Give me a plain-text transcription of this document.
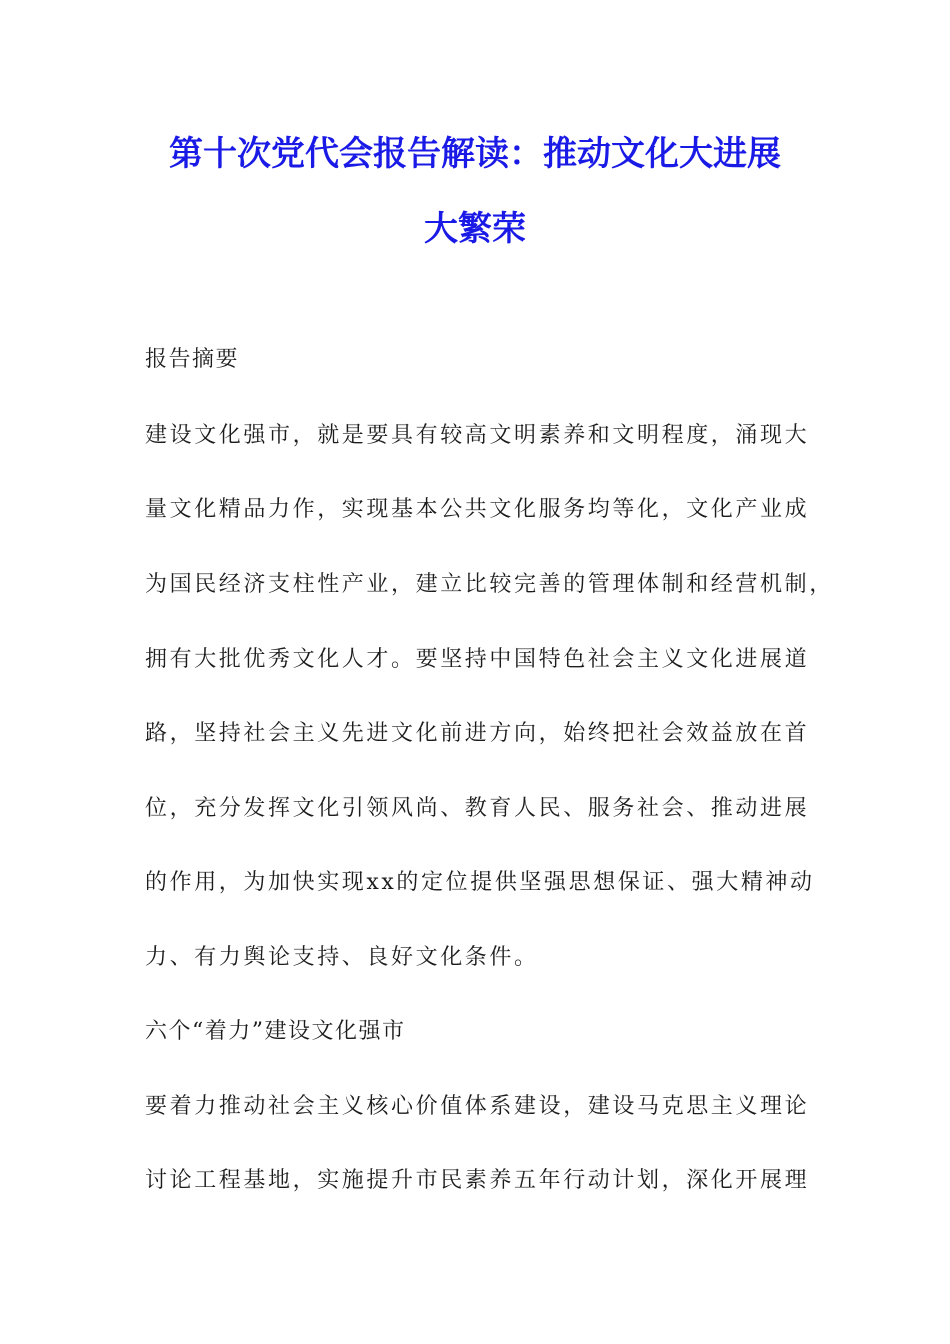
第十次党代会报告解读：推动文化大进展
大繁荣
报告摘要
建设文化强市，就是要具有较高文明素养和文明程度，涌现大
量文化精品力作，实现基本公共文化服务均等化，文化产业成
为国民经济支柱性产业，建立比较完善的管理体制和经营机制，
拥有大批优秀文化人才。要坚持中国特色社会主义文化进展道
路，坚持社会主义先进文化前进方向，始终把社会效益放在首
位，充分发挥文化引领风尚、教育人民、服务社会、推动进展
的作用，为加快实现xx的定位提供坚强思想保证、强大精神动
力、有力舆论支持、良好文化条件。
六个“着力”建设文化强市
要着力推动社会主义核心价值体系建设，建设马克思主义理论
讨论工程基地，实施提升市民素养五年行动计划，深化开展理
